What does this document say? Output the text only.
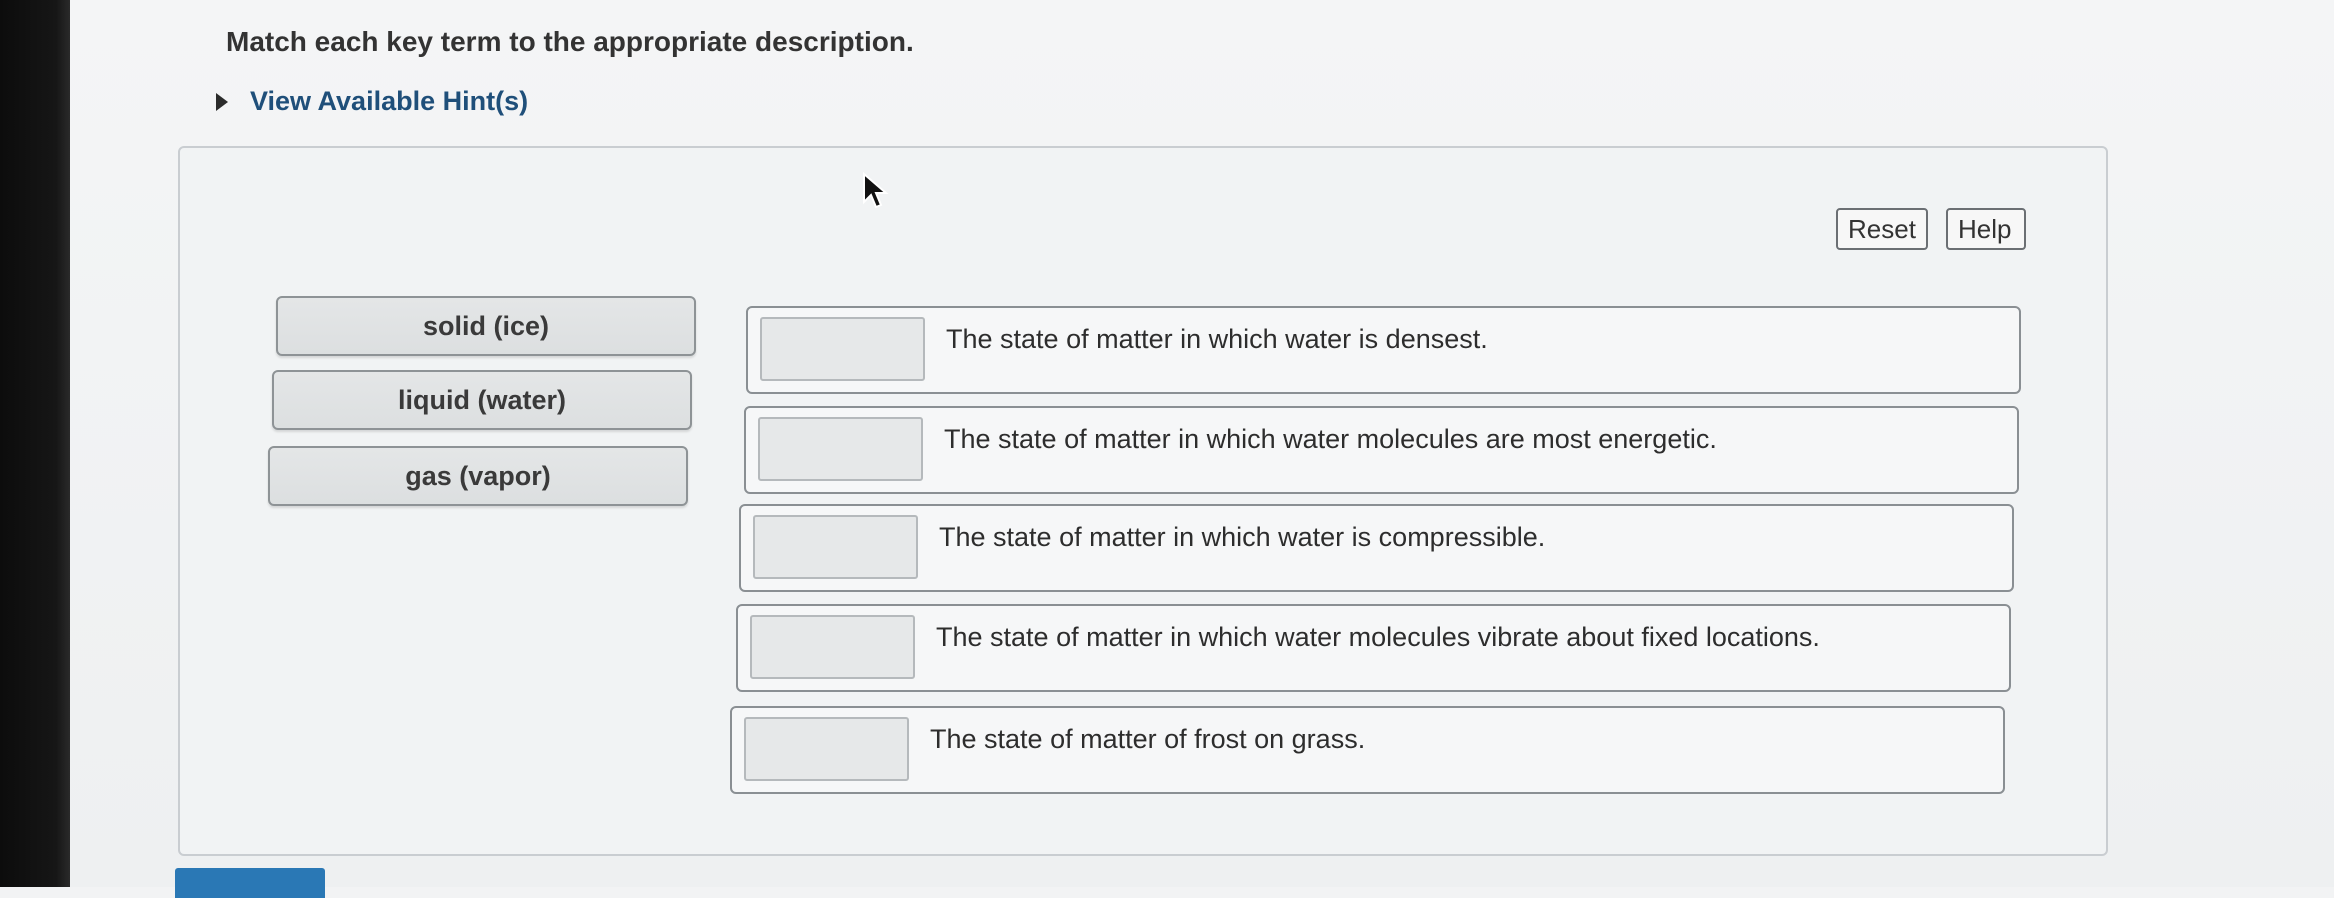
Match each key term to the appropriate description.
View Available Hint(s)
Reset	Help
solid (ice)
liquid (water)
gas (vapor)
The state of matter in which water is densest.
The state of matter in which water molecules are most energetic.
The state of matter in which water is compressible.
The state of matter in which water molecules vibrate about fixed locations.
The state of matter of frost on grass.
